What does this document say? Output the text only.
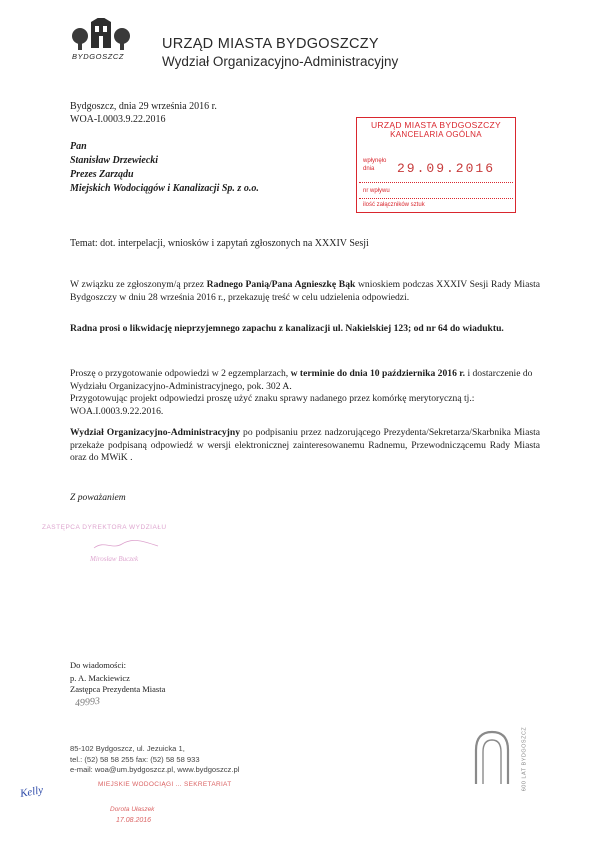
BYDGOSZCZ
URZĄD MIASTA BYDGOSZCZY
Wydział Organizacyjno-Administracyjny
Bydgoszcz, dnia 29 września 2016 r.
WOA-I.0003.9.22.2016
Pan
Stanisław Drzewiecki
Prezes Zarządu
Miejskich Wodociągów i Kanalizacji Sp. z o.o.
URZĄD MIASTA BYDGOSZCZY
KANCELARIA OGÓLNA
wpłynęło
dnia 29.09.2016
nr wpływu
ilość załączników sztuk
Temat: dot. interpelacji, wniosków i zapytań zgłoszonych na XXXIV Sesji
W związku ze zgłoszonym/ą przez Radnego Panią/Pana Agnieszkę Bąk wnioskiem podczas XXXIV Sesji Rady Miasta Bydgoszczy w dniu 28 września 2016 r., przekazuję treść w celu udzielenia odpowiedzi.
Radna prosi o likwidację nieprzyjemnego zapachu z kanalizacji ul. Nakielskiej 123; od nr 64 do wiaduktu.
Proszę o przygotowanie odpowiedzi w 2 egzemplarzach, w terminie do dnia 10 października 2016 r. i dostarczenie do Wydziału Organizacyjno-Administracyjnego, pok. 302 A.
Przygotowując projekt odpowiedzi proszę użyć znaku sprawy nadanego przez komórkę merytoryczną tj.: WOA.I.0003.9.22.2016.
Wydział Organizacyjno-Administracyjny po podpisaniu przez nadzorującego Prezydenta/Sekretarza/Skarbnika Miasta przekaże podpisaną odpowiedź w wersji elektronicznej zainteresowanemu Radnemu, Przewodniczącemu Rady Miasta oraz do MWiK .
Z poważaniem
ZASTĘPCA DYREKTORA WYDZIAŁU
Mirosław Buczek
Do wiadomości:
p. A. Mackiewicz
Zastępca Prezydenta Miasta
49993
85-102 Bydgoszcz, ul. Jezuicka 1,
tel.: (52) 58 58 255 fax: (52) 58 58 933
e-mail: woa@um.bydgoszcz.pl, www.bydgoszcz.pl	600 LAT BYDGOSZCZ
Kelly	MIEJSKIE WODOCIĄGI ... SEKRETARIAT
Dorota Ułaszek
17.08.2016
